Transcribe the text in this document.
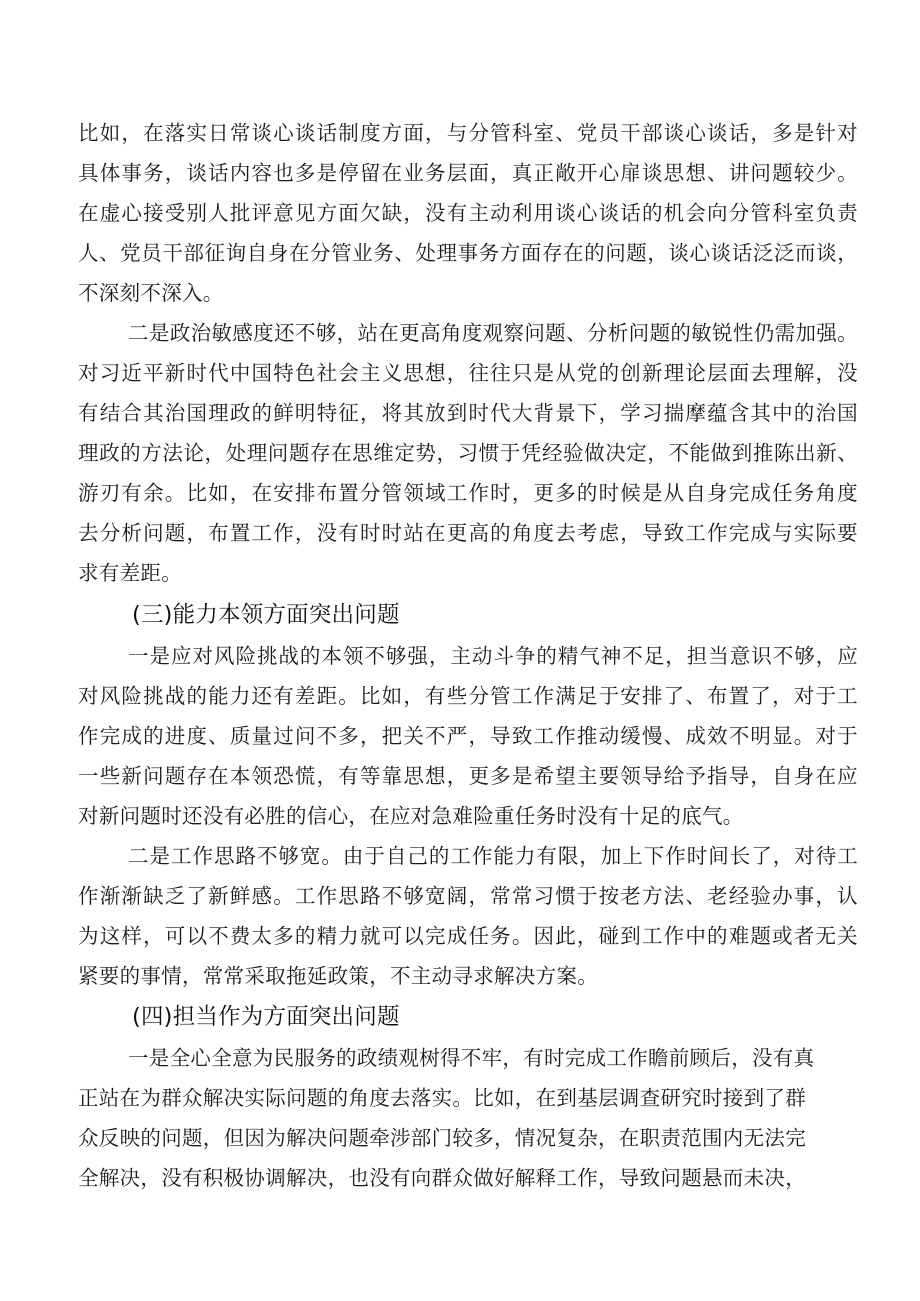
比如，在落实日常谈心谈话制度方面，与分管科室、党员干部谈心谈话，多是针对
具体事务，谈话内容也多是停留在业务层面，真正敞开心扉谈思想、讲问题较少。
在虚心接受别人批评意见方面欠缺，没有主动利用谈心谈话的机会向分管科室负责
人、党员干部征询自身在分管业务、处理事务方面存在的问题，谈心谈话泛泛而谈，
不深刻不深入。
二是政治敏感度还不够，站在更高角度观察问题、分析问题的敏锐性仍需加强。
对习近平新时代中国特色社会主义思想，往往只是从党的创新理论层面去理解，没
有结合其治国理政的鲜明特征，将其放到时代大背景下，学习揣摩蕴含其中的治国
理政的方法论，处理问题存在思维定势，习惯于凭经验做决定，不能做到推陈出新、
游刃有余。比如，在安排布置分管领域工作时，更多的时候是从自身完成任务角度
去分析问题，布置工作，没有时时站在更高的角度去考虑，导致工作完成与实际要
求有差距。
(三)能力本领方面突出问题
一是应对风险挑战的本领不够强，主动斗争的精气神不足，担当意识不够，应
对风险挑战的能力还有差距。比如，有些分管工作满足于安排了、布置了，对于工
作完成的进度、质量过问不多，把关不严，导致工作推动缓慢、成效不明显。对于
一些新问题存在本领恐慌，有等靠思想，更多是希望主要领导给予指导，自身在应
对新问题时还没有必胜的信心，在应对急难险重任务时没有十足的底气。
二是工作思路不够宽。由于自己的工作能力有限，加上下作时间长了，对待工
作渐渐缺乏了新鲜感。工作思路不够宽阔，常常习惯于按老方法、老经验办事，认
为这样，可以不费太多的精力就可以完成任务。因此，碰到工作中的难题或者无关
紧要的事情，常常采取拖延政策，不主动寻求解决方案。
(四)担当作为方面突出问题
一是全心全意为民服务的政绩观树得不牢，有时完成工作瞻前顾后，没有真
正站在为群众解决实际问题的角度去落实。比如，在到基层调查研究时接到了群
众反映的问题，但因为解决问题牵涉部门较多，情况复杂，在职责范围内无法完
全解决，没有积极协调解决，也没有向群众做好解释工作，导致问题悬而未决，
